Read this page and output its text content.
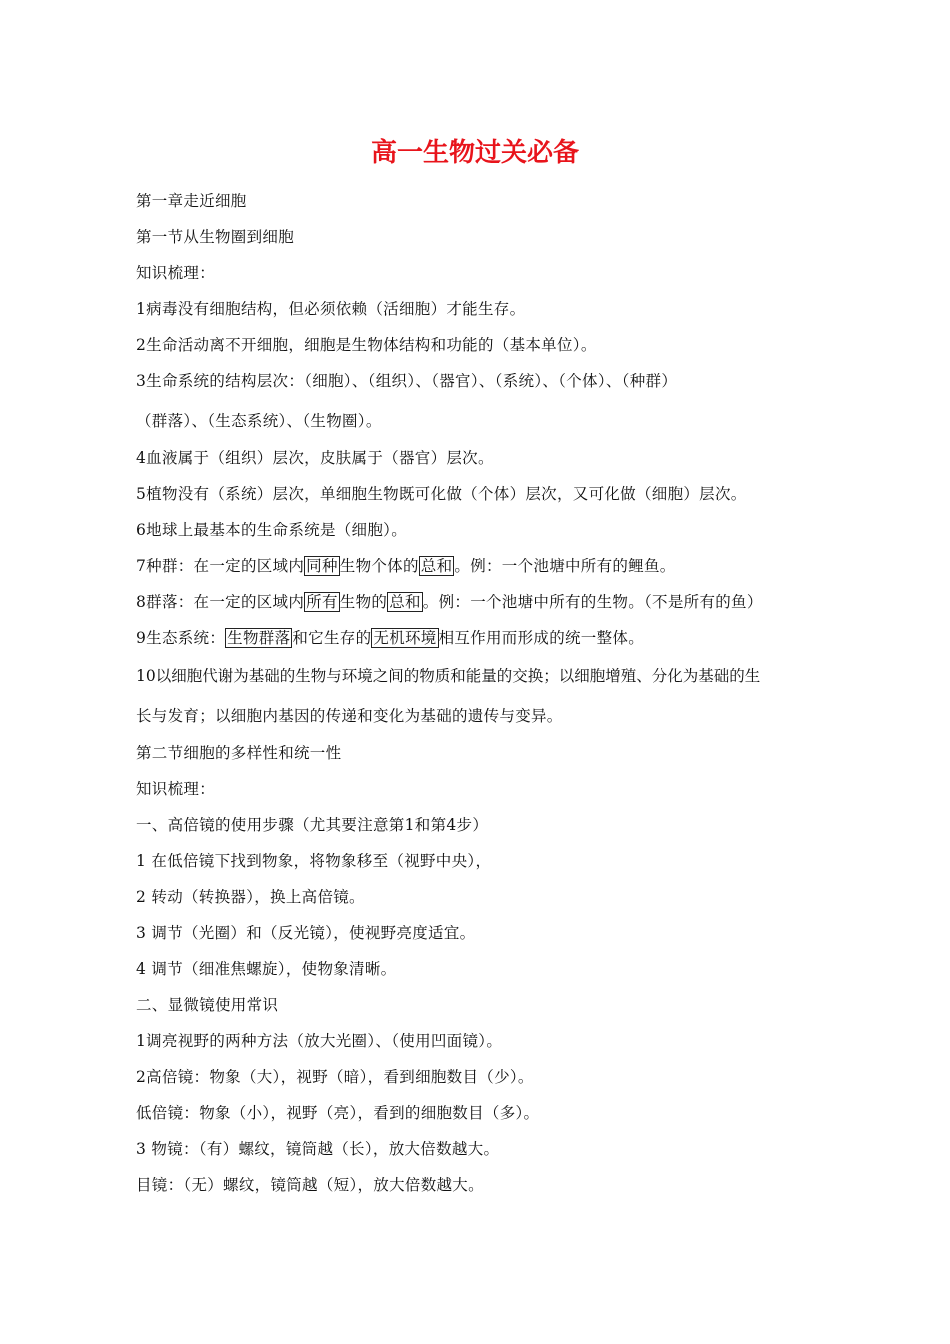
高一生物过关必备
第一章走近细胞
第一节从生物圈到细胞
知识梳理：
1病毒没有细胞结构，但必须依赖（活细胞）才能生存。
2生命活动离不开细胞，细胞是生物体结构和功能的（基本单位）。
3生命系统的结构层次：（细胞）、（组织）、（器官）、（系统）、（个体）、（种群）
（群落）、（生态系统）、（生物圈）。
4血液属于（组织）层次，皮肤属于（器官）层次。
5植物没有（系统）层次，单细胞生物既可化做（个体）层次，又可化做（细胞）层次。
6地球上最基本的生命系统是（细胞）。
7种群：在一定的区域内 同种 生物个体的 总和 。例：一个池塘中所有的鲤鱼。
8群落：在一定的区域内 所有 生物的 总和 。例：一个池塘中所有的生物。（不是所有的鱼）
9生态系统： 生物群落 和它生存的 无机环境 相互作用而形成的统一整体。
10以细胞代谢为基础的生物与环境之间的物质和能量的交换；以细胞增殖、分化为基础的生
长与发育；以细胞内基因的传递和变化为基础的遗传与变异。
第二节细胞的多样性和统一性
知识梳理：
一、高倍镜的使用步骤（尤其要注意第1和第4步）
1 在低倍镜下找到物象，将物象移至（视野中央），
2 转动（转换器），换上高倍镜。
3 调节（光圈）和（反光镜），使视野亮度适宜。
4 调节（细准焦螺旋），使物象清晰。
二、显微镜使用常识
1调亮视野的两种方法（放大光圈）、（使用凹面镜）。
2高倍镜：物象（大），视野（暗），看到细胞数目（少）。
低倍镜：物象（小），视野（亮），看到的细胞数目（多）。
3 物镜：（有）螺纹，镜筒越（长），放大倍数越大。
目镜：（无）螺纹，镜筒越（短），放大倍数越大。
